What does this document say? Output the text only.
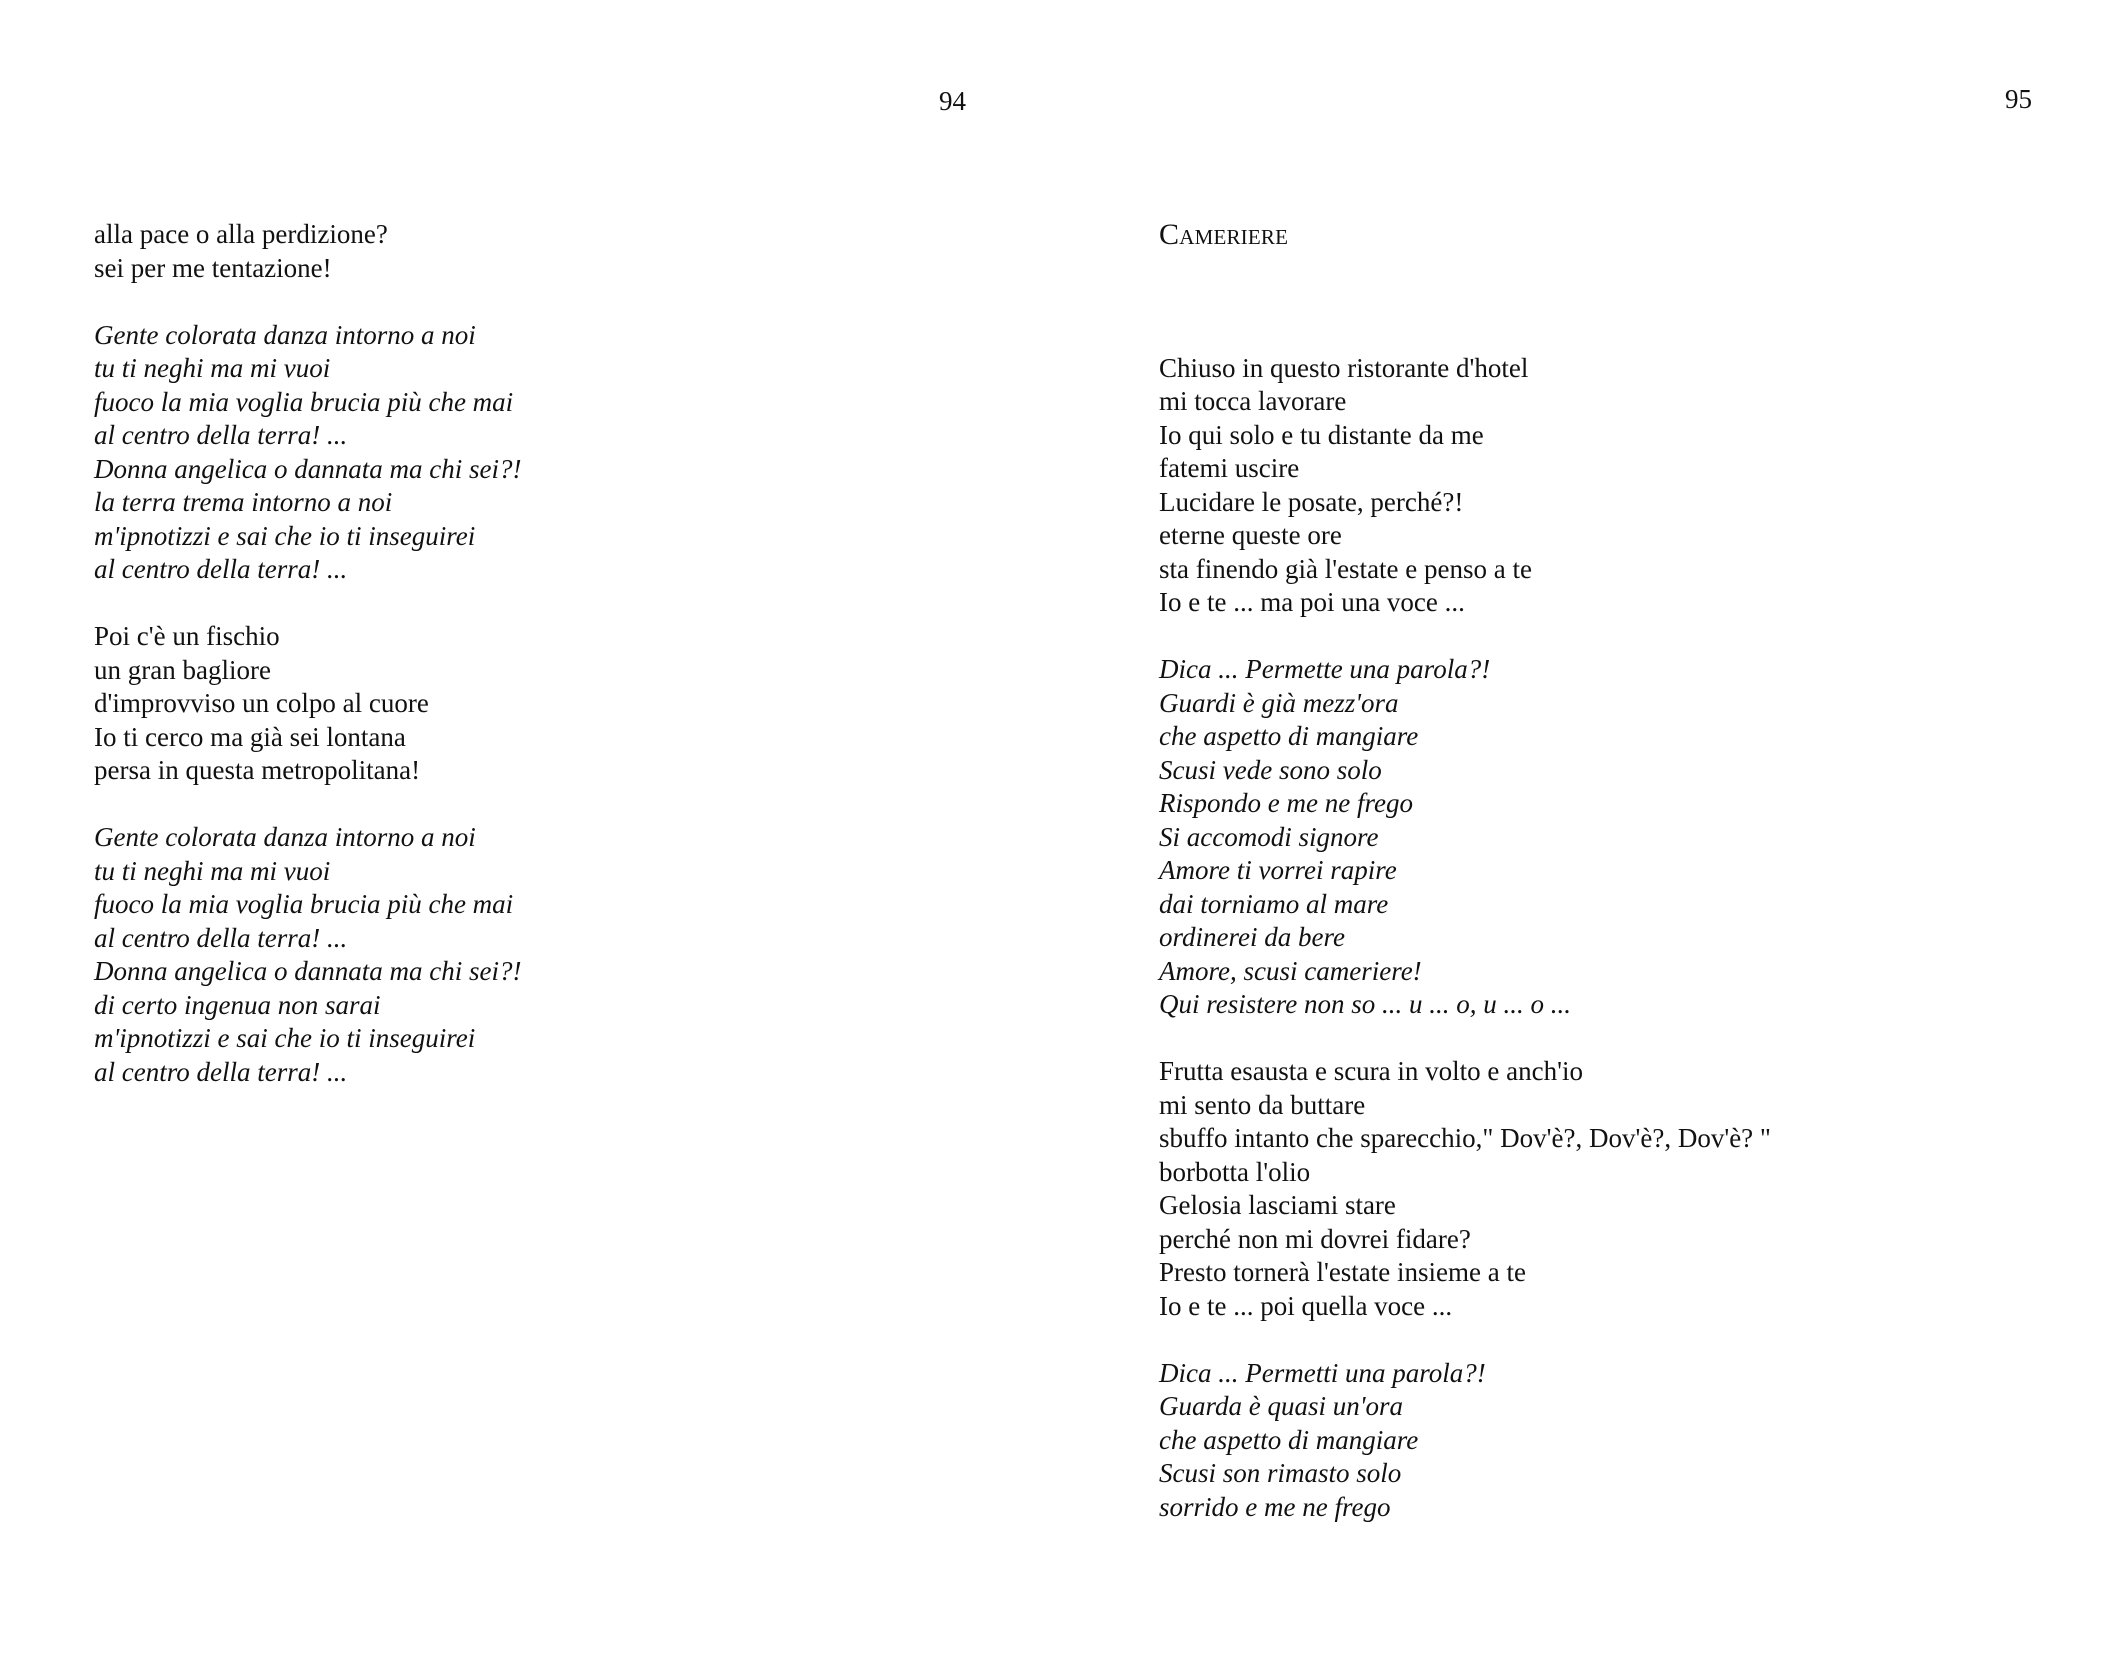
94	95
alla pace o alla perdizione?
sei per me tentazione!
Gente colorata danza intorno a noi
tu ti neghi ma mi vuoi
fuoco la mia voglia brucia più che mai
al centro della terra! ...
Donna angelica o dannata ma chi sei?!
la terra trema intorno a noi
m'ipnotizzi e sai che io ti inseguirei
al centro della terra! ...
Poi c'è un fischio
un gran bagliore
d'improvviso un colpo al cuore
Io ti cerco ma già sei lontana
persa in questa metropolitana!
Gente colorata danza intorno a noi
tu ti neghi ma mi vuoi
fuoco la mia voglia brucia più che mai
al centro della terra! ...
Donna angelica o dannata ma chi sei?!
di certo ingenua non sarai
m'ipnotizzi e sai che io ti inseguirei
al centro della terra! ...
Cameriere
Chiuso in questo ristorante d'hotel
mi tocca lavorare
Io qui solo e tu distante da me
fatemi uscire
Lucidare le posate, perché?!
eterne queste ore
sta finendo già l'estate e penso a te
Io e te ... ma poi una voce ...
Dica ... Permette una parola?!
Guardi è già mezz'ora
che aspetto di mangiare
Scusi vede sono solo
Rispondo e me ne frego
Si accomodi signore
Amore ti vorrei rapire
dai torniamo al mare
ordinerei da bere
Amore, scusi cameriere!
Qui resistere non so ... u ... o, u ... o ...
Frutta esausta e scura in volto e anch'io
mi sento da buttare
sbuffo intanto che sparecchio," Dov'è?, Dov'è?, Dov'è? "
borbotta l'olio
Gelosia lasciami stare
perché non mi dovrei fidare?
Presto tornerà l'estate insieme a te
Io e te ... poi quella voce ...
Dica ... Permetti una parola?!
Guarda è quasi un'ora
che aspetto di mangiare
Scusi son rimasto solo
sorrido e me ne frego
